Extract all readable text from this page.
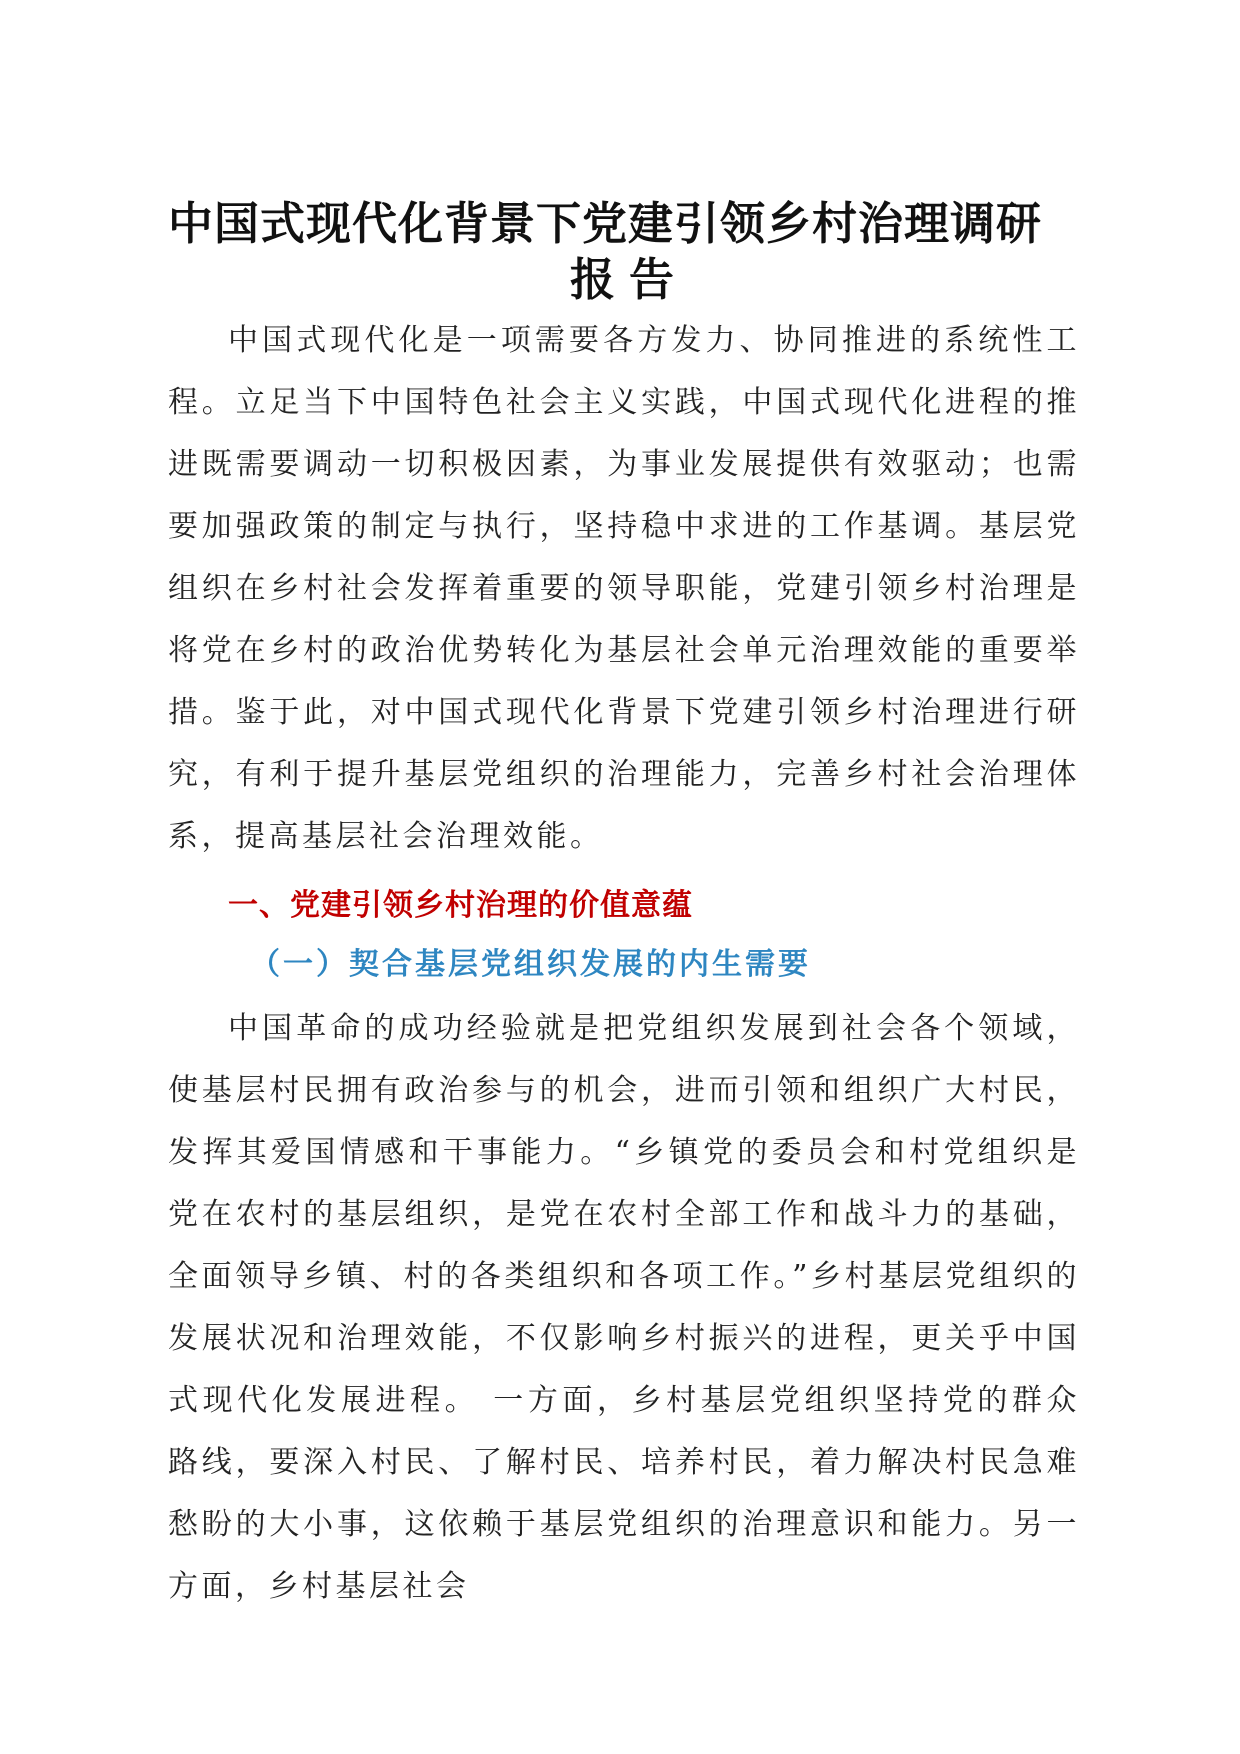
中国式现代化背景下党建引领乡村治理调研
报告

中国式现代化是一项需要各方发力、协同推进的系统性工程。立足当下中国特色社会主义实践，中国式现代化进程的推进既需要调动一切积极因素，为事业发展提供有效驱动；也需要加强政策的制定与执行，坚持稳中求进的工作基调。基层党组织在乡村社会发挥着重要的领导职能，党建引领乡村治理是将党在乡村的政治优势转化为基层社会单元治理效能的重要举措。鉴于此，对中国式现代化背景下党建引领乡村治理进行研究，有利于提升基层党组织的治理能力，完善乡村社会治理体系，提高基层社会治理效能。

一、党建引领乡村治理的价值意蕴
（一）契合基层党组织发展的内生需要

中国革命的成功经验就是把党组织发展到社会各个领域，使基层村民拥有政治参与的机会，进而引领和组织广大村民，发挥其爱国情感和干事能力。“乡镇党的委员会和村党组织是党在农村的基层组织，是党在农村全部工作和战斗力的基础，全面领导乡镇、村的各类组织和各项工作。”乡村基层党组织的发展状况和治理效能，不仅影响乡村振兴的进程，更关乎中国式现代化发展进程。 一方面，乡村基层党组织坚持党的群众路线，要深入村民、了解村民、培养村民，着力解决村民急难愁盼的大小事，这依赖于基层党组织的治理意识和能力。另一方面，乡村基层社会
